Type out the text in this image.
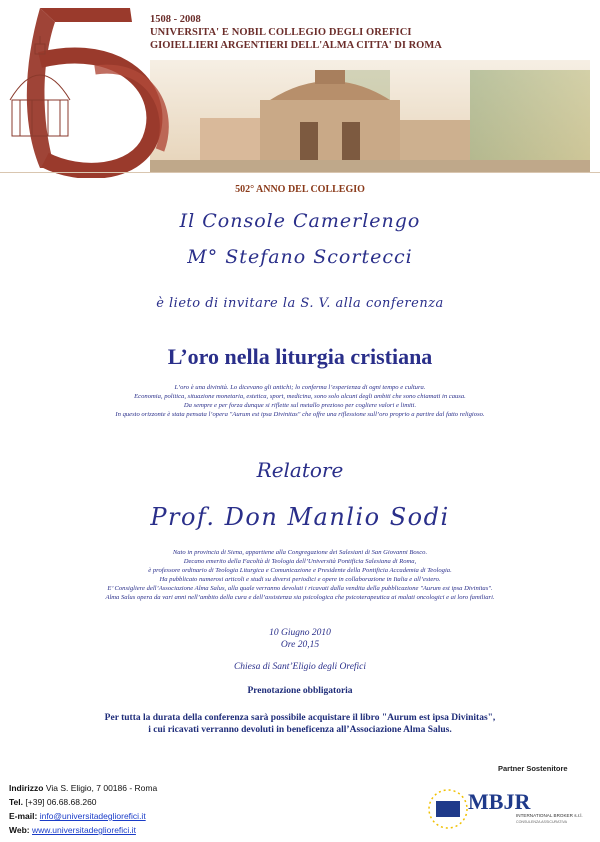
1508 - 2008
UNIVERSITA' E NOBIL COLLEGIO DEGLI OREFICI
GIOIELLIERI ARGENTIERI DELL'ALMA CITTA' DI ROMA
502° ANNO DEL COLLEGIO
Il Console Camerlengo
M° Stefano Scortecci
è lieto di invitare la S. V. alla conferenza
L’oro nella liturgia cristiana
L’oro è una divinità. Lo dicevano gli antichi; lo conferma l’esperienza di ogni tempo e cultura.
Economia, politica, situazione monetaria, estetica, sport, medicina, sono solo alcuni degli ambiti che sono chiamati in causa.
Da sempre e per forza dunque si riflette sul metallo prezioso per cogliere valori e limiti.
In questo orizzonte è stata pensata l’opera "Aurum est ipsa Divinitas" che offre una riflessione sull’oro proprio a partire dal fatto religioso.
Relatore
Prof. Don Manlio Sodi
Nato in provincia di Siena, appartiene alla Congregazione dei Salesiani di San Giovanni Bosco.
Decano emerito della Facoltà di Teologia dell’Università Pontificia Salesiana di Roma,
è professore ordinario di Teologia Liturgica e Comunicazione e Presidente della Pontificia Accademia di Teologia.
Ha pubblicato numerosi articoli e studi su diversi periodici e opere in collaborazione in Italia e all’estero.
E’ Consigliere dell’Associazione Alma Salus, alla quale verranno devoluti i ricavati dalla vendita della pubblicazione "Aurum est ipsa Divinitas".
Alma Salus opera da vari anni nell’ambito della cura e dell’assistenza sia psicologica che psicoterapeutica ai malati oncologici e ai loro familiari.
10 Giugno 2010
Ore 20,15
Chiesa di Sant’Eligio degli Orefici
Prenotazione obbligatoria
Per tutta la durata della conferenza sarà possibile acquistare il libro "Aurum est ipsa Divinitas",
i cui ricavati verranno devoluti in beneficenza all’Associazione Alma Salus.
Partner Sostenitore
Indirizzo Via S. Eligio, 7 00186 - Roma
Tel. [+39] 06.68.68.260
E-mail: info@universitadegliorefici.it
Web: www.universitadegliorefici.it
MBJR
INTERNATIONAL BROKER s.r.l.
CONSULENZA ASSICURATIVA
